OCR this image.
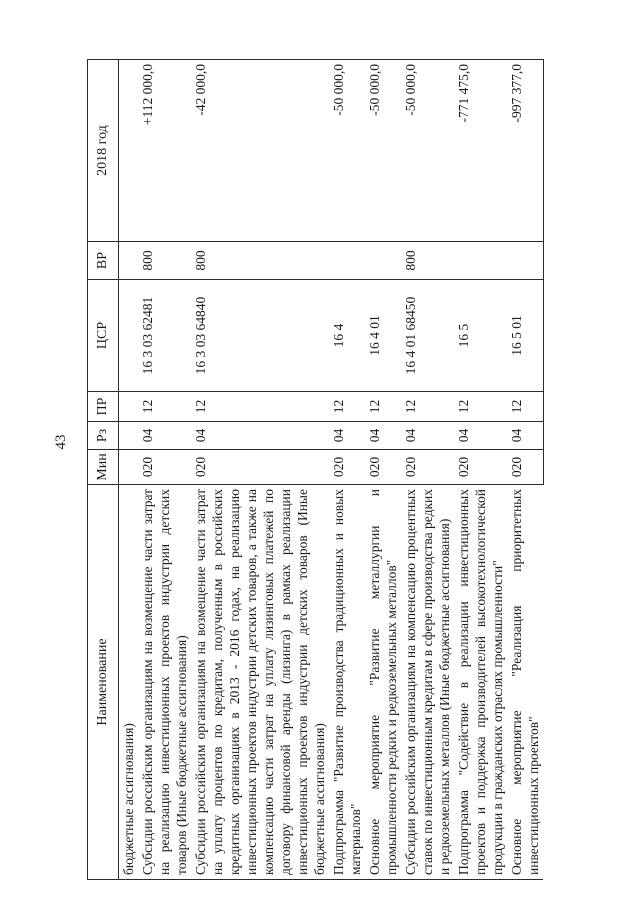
43
Наименование	Мин	Рз	ПР	ЦСР	ВР	2018 год
бюджетные ассигнования)						
Субсидии российским организациям на возмещение части затрат на реализацию инвестиционных проектов индустрии детских товаров (Иные бюджетные ассигнования)	020	04	12	16 3 03 62481	800	+112 000,0
Субсидии российским организациям на возмещение части затрат на уплату процентов по кредитам, полученным в российских кредитных организациях в 2013 - 2016 годах, на реализацию инвестиционных проектов индустрии детских товаров, а также на компенсацию части затрат на уплату лизинговых платежей по договору финансовой аренды (лизинга) в рамках реализации инвестиционных проектов индустрии детских товаров (Иные бюджетные ассигнования)	020	04	12	16 3 03 64840	800	-42 000,0
Подпрограмма "Развитие производства традиционных и новых материалов"	020	04	12	16 4		-50 000,0
Основное мероприятие "Развитие металлургии и промышленности редких и редкоземельных металлов"	020	04	12	16 4 01		-50 000,0
Субсидии российским организациям на компенсацию процентных ставок по инвестиционным кредитам в сфере производства редких и редкоземельных металлов (Иные бюджетные ассигнования)	020	04	12	16 4 01 68450	800	-50 000,0
Подпрограмма "Содействие в реализации инвестиционных проектов и поддержка производителей высокотехнологической продукции в гражданских отраслях промышленности"	020	04	12	16 5		-771 475,0
Основное мероприятие "Реализация приоритетных инвестиционных проектов"	020	04	12	16 5 01		-997 377,0
